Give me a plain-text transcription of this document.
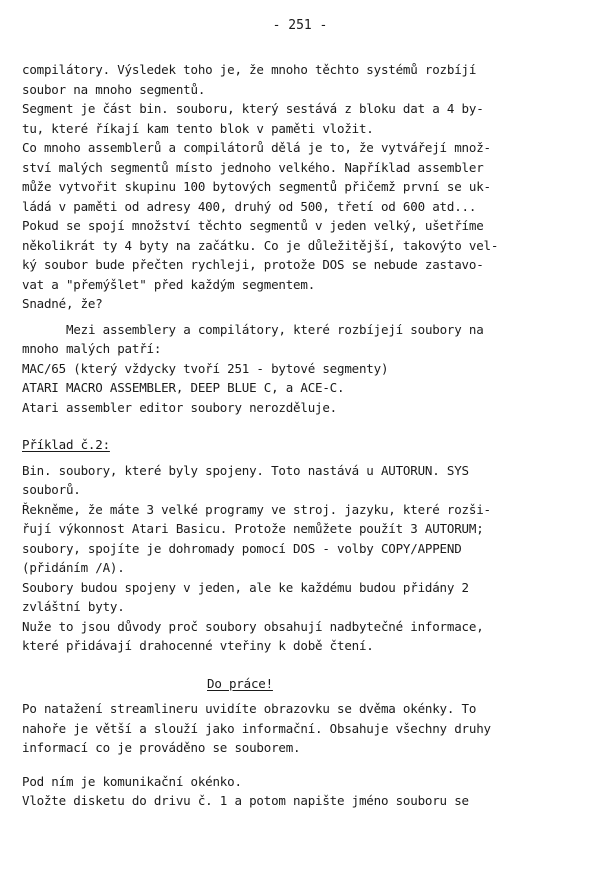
- 251 -
compilátory. Výsledek toho je, že mnoho těchto systémů rozbíjí
soubor na mnoho segmentů.
Segment je část bin. souboru, který sestává z bloku dat a 4 by-
tu, které říkají kam tento blok v paměti vložit.
Co mnoho assemblerů a compilátorů dělá je to, že vytvářejí množ-
ství malých segmentů místo jednoho velkého. Například assembler
může vytvořit skupinu 100 bytových segmentů přičemž první se uk-
ládá v paměti od adresy 400, druhý od 500, třetí od 600 atd...
Pokud se spojí množství těchto segmentů v jeden velký, ušetříme
několikrát ty 4 byty na začátku. Co je důležitější, takovýto vel-
ký soubor bude přečten rychleji, protože DOS se nebude zastavo-
vat a "přemýšlet" před každým segmentem.
Snadné, že?
Mezi assemblery a compilátory, které rozbíjejí soubory na
mnoho malých patří:
MAC/65 (který vždycky tvoří 251 - bytové segmenty)
ATARI MACRO ASSEMBLER, DEEP BLUE C, a ACE-C.
Atari assembler editor soubory nerozděluje.
Příklad č.2:
Bin. soubory, které byly spojeny. Toto nastává u AUTORUN. SYS
souborů.
Řekněme, že máte 3 velké programy ve stroj. jazyku, které rozši-
řují výkonnost Atari Basicu. Protože nemůžete použít 3 AUTORUM;
soubory, spojíte je dohromady pomocí DOS - volby COPY/APPEND
(přidáním /A).
Soubory budou spojeny v jeden, ale ke každému budou přidány 2
zvláštní byty.
Nuže to jsou důvody proč soubory obsahují nadbytečné informace,
které přidávají drahocenné vteřiny k době čtení.
Do práce!
Po natažení streamlineru uvidíte obrazovku se dvěma okénky. To
nahoře je větší a slouží jako informační. Obsahuje všechny druhy
informací co je prováděno se souborem.
Pod ním je komunikační okénko.
Vložte disketu do drivu č. 1 a potom napište jméno souboru se
